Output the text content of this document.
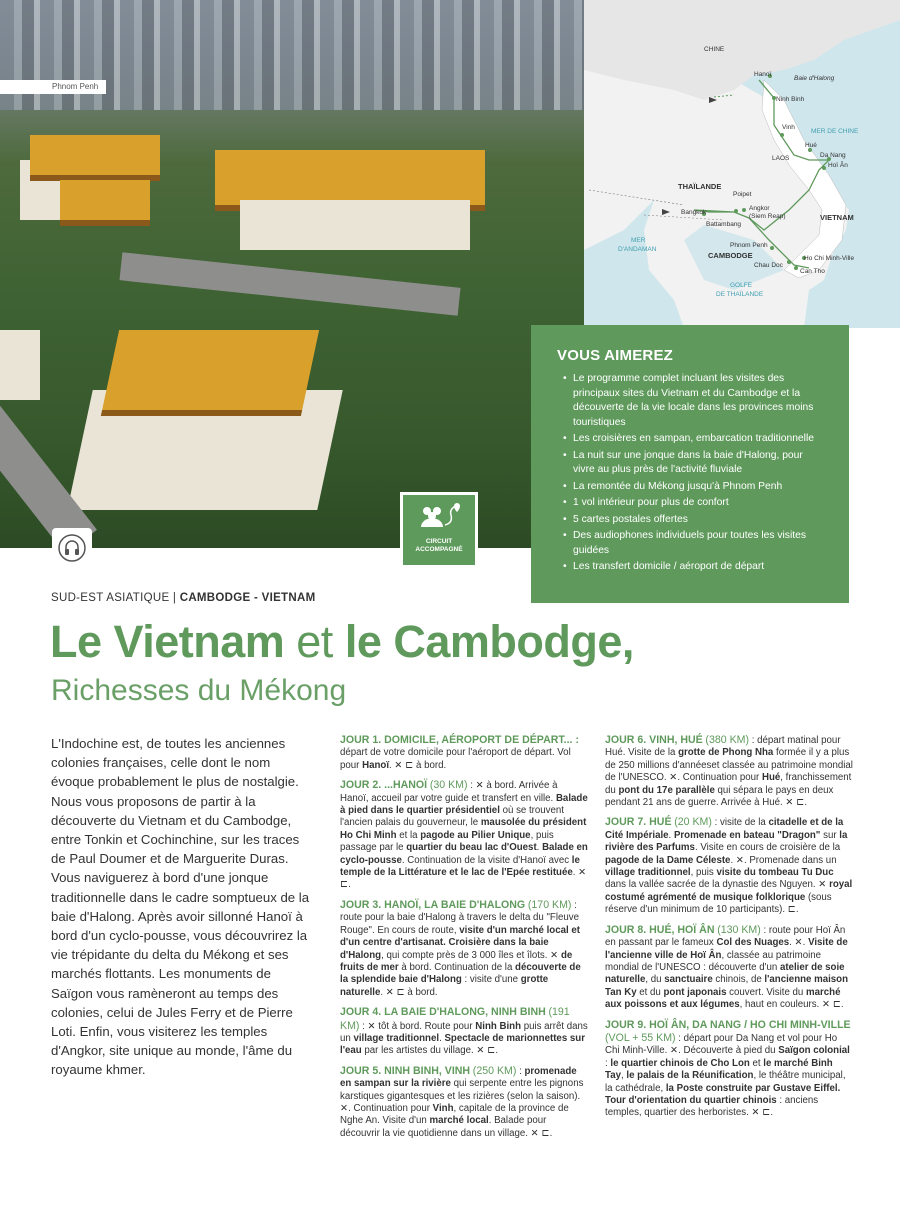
Phnom Penh
CIRCUIT
ACCOMPAGNÉ
CHINE
Hanoï
Baie d'Halong
Ninh Binh
Vinh
MER DE CHINE
LAOS
Hué
Da Nang
Hoï Ân
THAÏLANDE
Poipet
Angkor
(Siem Reap)
Bangkok
Battambang
VIETNAM
MER
D'ANDAMAN
Phnom Penh
CAMBODGE	Ho Chi Minh-Ville
Chau Doc
Can Tho
GOLFE
DE THAÏLANDE
VOUS AIMEREZ
• Le programme complet incluant les visites des principaux sites du Vietnam et du Cambodge et la découverte de la vie locale dans les provinces moins touristiques
• Les croisières en sampan, embarcation traditionnelle
• La nuit sur une jonque dans la baie d'Halong, pour vivre au plus près de l'activité fluviale
• La remontée du Mékong jusqu'à Phnom Penh
• 1 vol intérieur pour plus de confort
• 5 cartes postales offertes
• Des audiophones individuels pour toutes les visites guidées
• Les transfert domicile / aéroport de départ
SUD-EST ASIATIQUE | CAMBODGE - VIETNAM
Le Vietnam et le Cambodge,
Richesses du Mékong
L'Indochine est, de toutes les anciennes colonies françaises, celle dont le nom évoque probablement le plus de nostalgie. Nous vous proposons de partir à la découverte du Vietnam et du Cambodge, entre Tonkin et Cochinchine, sur les traces de Paul Doumer et de Marguerite Duras. Vous naviguerez à bord d'une jonque traditionnelle dans le cadre somptueux de la baie d'Halong. Après avoir sillonné Hanoï à bord d'un cyclo-pousse, vous découvrirez la vie trépidante du delta du Mékong et ses marchés flottants. Les monuments de Saïgon vous ramèneront au temps des colonies, celui de Jules Ferry et de Pierre Loti. Enfin, vous visiterez les temples d'Angkor, site unique au monde, l'âme du royaume khmer.
JOUR 1. DOMICILE, AÉROPORT DE DÉPART... : départ de votre domicile pour l'aéroport de départ. Vol pour Hanoï. ✕ ⊏ à bord.
JOUR 2. ...HANOÏ (30 KM) : ✕ à bord. Arrivée à Hanoï, accueil par votre guide et transfert en ville. Balade à pied dans le quartier présidentiel où se trouvent l'ancien palais du gouverneur, le mausolée du président Ho Chi Minh et la pagode au Pilier Unique, puis passage par le quartier du beau lac d'Ouest. Balade en cyclo-pousse. Continuation de la visite d'Hanoï avec le temple de la Littérature et le lac de l'Epée restituée. ✕ ⊏.
JOUR 3. HANOÏ, LA BAIE D'HALONG (170 KM) : route pour la baie d'Halong à travers le delta du "Fleuve Rouge". En cours de route, visite d'un marché local et d'un centre d'artisanat. Croisière dans la baie d'Halong, qui compte près de 3 000 îles et îlots. ✕ de fruits de mer à bord. Continuation de la découverte de la splendide baie d'Halong : visite d'une grotte naturelle. ✕ ⊏ à bord.
JOUR 4. LA BAIE D'HALONG, NINH BINH (191 KM) : ✕ tôt à bord. Route pour Ninh Binh puis arrêt dans un village traditionnel. Spectacle de marionnettes sur l'eau par les artistes du village. ✕ ⊏.
JOUR 5. NINH BINH, VINH (250 KM) : promenade en sampan sur la rivière qui serpente entre les pignons karstiques gigantesques et les rizières (selon la saison). ✕. Continuation pour Vinh, capitale de la province de Nghe An. Visite d'un marché local. Balade pour découvrir la vie quotidienne dans un village. ✕ ⊏.
JOUR 6. VINH, HUÉ (380 KM) : départ matinal pour Hué. Visite de la grotte de Phong Nha formée il y a plus de 250 millions d'annéeset classée au patrimoine mondial de l'UNESCO. ✕. Continuation pour Hué, franchissement du pont du 17e parallèle qui sépara le pays en deux pendant 21 ans de guerre. Arrivée à Hué. ✕ ⊏.
JOUR 7. HUÉ (20 KM) : visite de la citadelle et de la Cité Impériale. Promenade en bateau "Dragon" sur la rivière des Parfums. Visite en cours de croisière de la pagode de la Dame Céleste. ✕. Promenade dans un village traditionnel, puis visite du tombeau Tu Duc dans la vallée sacrée de la dynastie des Nguyen. ✕ royal costumé agrémenté de musique folklorique (sous réserve d'un minimum de 10 participants). ⊏.
JOUR 8. HUÉ, HOÏ ÂN (130 KM) : route pour Hoï Ân en passant par le fameux Col des Nuages. ✕. Visite de l'ancienne ville de Hoï Ân, classée au patrimoine mondial de l'UNESCO : découverte d'un atelier de soie naturelle, du sanctuaire chinois, de l'ancienne maison Tan Ky et du pont japonais couvert. Visite du marché aux poissons et aux légumes, haut en couleurs. ✕ ⊏.
JOUR 9. HOÏ ÂN, DA NANG / HO CHI MINH-VILLE (VOL + 55 KM) : départ pour Da Nang et vol pour Ho Chi Minh-Ville. ✕. Découverte à pied du Saïgon colonial : le quartier chinois de Cho Lon et le marché Binh Tay, le palais de la Réunification, le théâtre municipal, la cathédrale, la Poste construite par Gustave Eiffel. Tour d'orientation du quartier chinois : anciens temples, quartier des herboristes. ✕ ⊏.
